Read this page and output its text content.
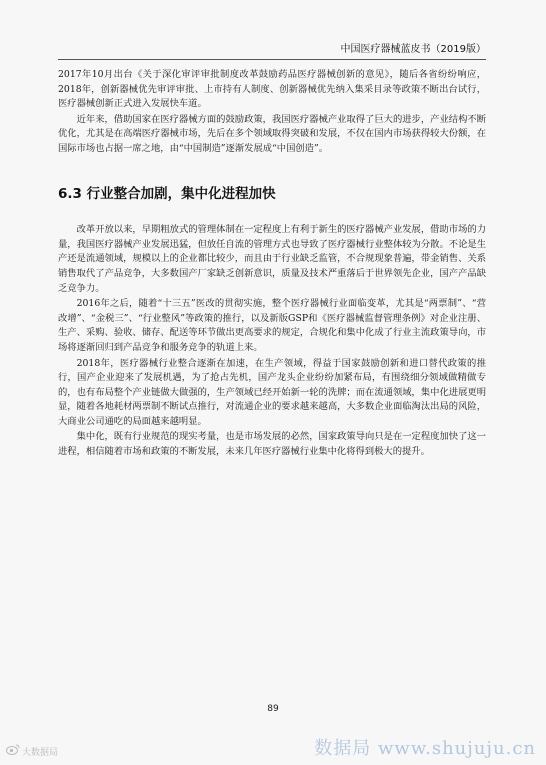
中国医疗器械蓝皮书（2019版）

2017年10月出台《关于深化审评审批制度改革鼓励药品医疗器械创新的意见》，随后各省纷纷响应，2018年，创新器械优先审评审批、上市持有人制度、创新器械优先纳入集采目录等政策不断出台试行，医疗器械创新正式进入发展快车道。

近年来，借助国家在医疗器械方面的鼓励政策，我国医疗器械产业取得了巨大的进步，产业结构不断优化，尤其是在高端医疗器械市场，先后在多个领域取得突破和发展，不仅在国内市场获得较大份额，在国际市场也占据一席之地，由“中国制造”逐渐发展成“中国创造”。

6.3 行业整合加剧，集中化进程加快

改革开放以来，早期粗放式的管理体制在一定程度上有利于新生的医疗器械产业发展，借助市场的力量，我国医疗器械产业发展迅猛，但放任自流的管理方式也导致了医疗器械行业整体较为分散。不论是生产还是流通领域，规模以上的企业都比较少，而且由于行业缺乏监管，不合规现象普遍，带金销售、关系销售取代了产品竞争，大多数国产厂家缺乏创新意识，质量及技术严重落后于世界领先企业，国产产品缺乏竞争力。

2016年之后，随着“十三五”医改的贯彻实施，整个医疗器械行业面临变革，尤其是“两票制”、“营改增”、“金税三”、“行业整风”等政策的推行，以及新版GSP和《医疗器械监督管理条例》对企业注册、生产、采购、验收、储存、配送等环节做出更高要求的规定，合规化和集中化成了行业主流政策导向，市场将逐渐回归到产品竞争和服务竞争的轨道上来。

2018年，医疗器械行业整合逐渐在加速，在生产领域，得益于国家鼓励创新和进口替代政策的推行，国产企业迎来了发展机遇，为了抢占先机，国产龙头企业纷纷加紧布局，有围绕细分领域做精做专的，也有布局整个产业链做大做强的，生产领域已经开始新一轮的洗牌；而在流通领域，集中化进展更明显，随着各地耗材两票制不断试点推行，对流通企业的要求越来越高，大多数企业面临淘汰出局的风险，大商业公司通吃的局面越来越明显。

集中化，既有行业规范的现实考量，也是市场发展的必然，国家政策导向只是在一定程度加快了这一进程，相信随着市场和政策的不断发展，未来几年医疗器械行业集中化将得到极大的提升。

89
大数据局	数据局 www.shujuju.cn
